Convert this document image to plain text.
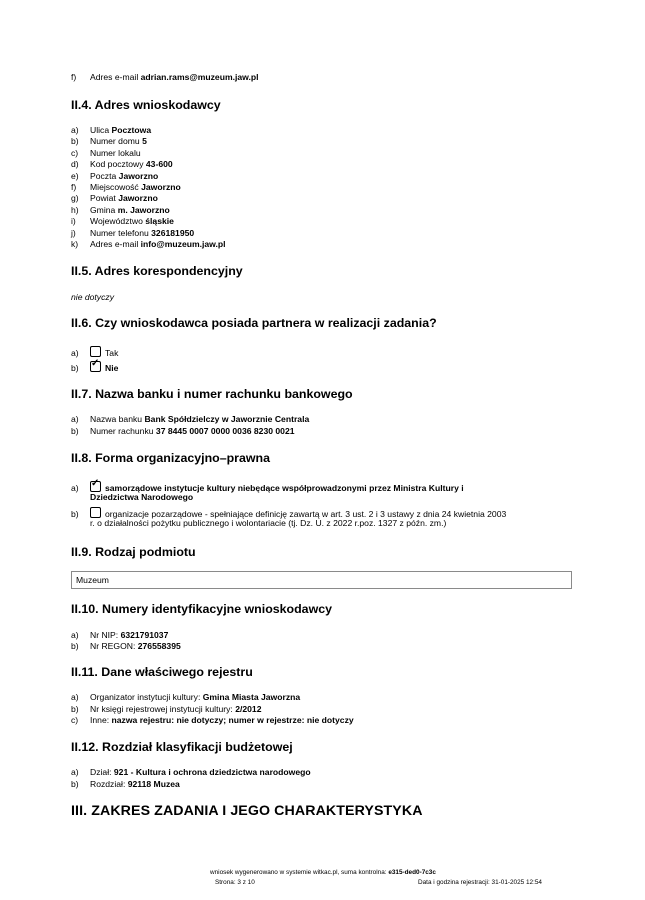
f) Adres e-mail adrian.rams@muzeum.jaw.pl
II.4. Adres wnioskodawcy
a) Ulica Pocztowa
b) Numer domu 5
c) Numer lokalu
d) Kod pocztowy 43-600
e) Poczta Jaworzno
f) Miejscowość Jaworzno
g) Powiat Jaworzno
h) Gmina m. Jaworzno
i) Województwo śląskie
j) Numer telefonu 326181950
k) Adres e-mail info@muzeum.jaw.pl
II.5. Adres korespondencyjny
nie dotyczy
II.6. Czy wnioskodawca posiada partnera w realizacji zadania?
a)	Tak
b) ✓ Nie
II.7. Nazwa banku i numer rachunku bankowego
a) Nazwa banku Bank Spółdzielczy w Jaworznie Centrala
b) Numer rachunku 37 8445 0007 0000 0036 8230 0021
II.8. Forma organizacyjno–prawna
a) ✓ samorządowe instytucje kultury niebędące współprowadzonymi przez Ministra Kultury i
Dziedzictwa Narodowego
b)	organizacje pozarządowe - spełniające definicję zawartą w art. 3 ust. 2 i 3 ustawy z dnia 24 kwietnia 2003
r. o działalności pożytku publicznego i wolontariacie (tj. Dz. U. z 2022 r.poz. 1327 z późn. zm.)
II.9. Rodzaj podmiotu
Muzeum
II.10. Numery identyfikacyjne wnioskodawcy
a) Nr NIP: 6321791037
b) Nr REGON: 276558395
II.11. Dane właściwego rejestru
a) Organizator instytucji kultury: Gmina Miasta Jaworzna
b) Nr księgi rejestrowej instytucji kultury: 2/2012
c) Inne: nazwa rejestru: nie dotyczy; numer w rejestrze: nie dotyczy
II.12. Rozdział klasyfikacji budżetowej
a) Dział: 921 - Kultura i ochrona dziedzictwa narodowego
b) Rozdział: 92118 Muzea
III. ZAKRES ZADANIA I JEGO CHARAKTERYSTYKA
wniosek wygenerowano w systemie witkac.pl, suma kontrolna: e315-ded0-7c3c
Strona: 3 z 10	Data i godzina rejestracji: 31-01-2025 12:54
